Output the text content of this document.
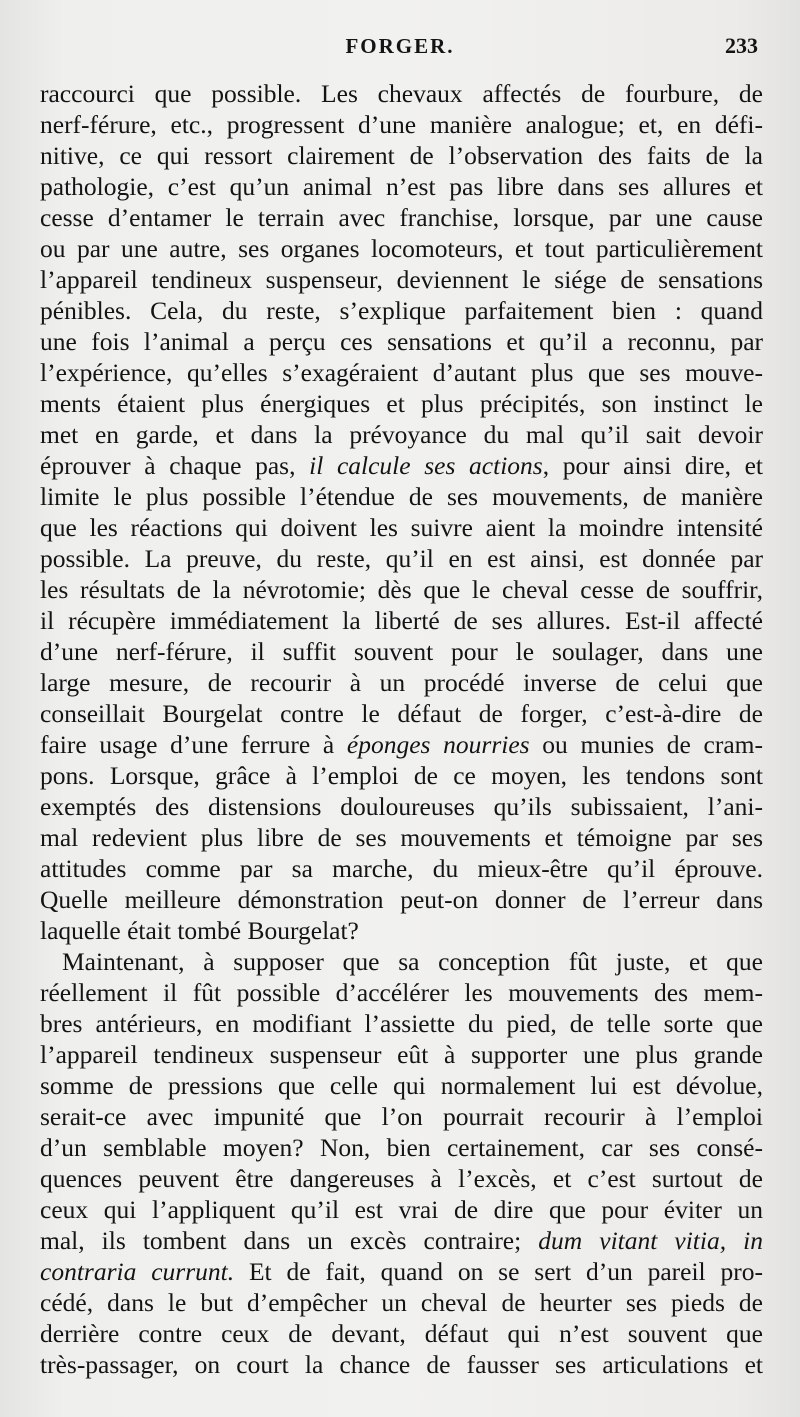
FORGER.	233
raccourci que possible. Les chevaux affectés de fourbure, de
nerf-férure, etc., progressent d’une manière analogue; et, en défi-
nitive, ce qui ressort clairement de l’observation des faits de la
pathologie, c’est qu’un animal n’est pas libre dans ses allures et
cesse d’entamer le terrain avec franchise, lorsque, par une cause
ou par une autre, ses organes locomoteurs, et tout particulièrement
l’appareil tendineux suspenseur, deviennent le siége de sensations
pénibles. Cela, du reste, s’explique parfaitement bien : quand
une fois l’animal a perçu ces sensations et qu’il a reconnu, par
l’expérience, qu’elles s’exagéraient d’autant plus que ses mouve-
ments étaient plus énergiques et plus précipités, son instinct le
met en garde, et dans la prévoyance du mal qu’il sait devoir
éprouver à chaque pas, il calcule ses actions, pour ainsi dire, et
limite le plus possible l’étendue de ses mouvements, de manière
que les réactions qui doivent les suivre aient la moindre intensité
possible. La preuve, du reste, qu’il en est ainsi, est donnée par
les résultats de la névrotomie; dès que le cheval cesse de souffrir,
il récupère immédiatement la liberté de ses allures. Est-il affecté
d’une nerf-férure, il suffit souvent pour le soulager, dans une
large mesure, de recourir à un procédé inverse de celui que
conseillait Bourgelat contre le défaut de forger, c’est-à-dire de
faire usage d’une ferrure à éponges nourries ou munies de cram-
pons. Lorsque, grâce à l’emploi de ce moyen, les tendons sont
exemptés des distensions douloureuses qu’ils subissaient, l’ani-
mal redevient plus libre de ses mouvements et témoigne par ses
attitudes comme par sa marche, du mieux-être qu’il éprouve.
Quelle meilleure démonstration peut-on donner de l’erreur dans
laquelle était tombé Bourgelat?
Maintenant, à supposer que sa conception fût juste, et que
réellement il fût possible d’accélérer les mouvements des mem-
bres antérieurs, en modifiant l’assiette du pied, de telle sorte que
l’appareil tendineux suspenseur eût à supporter une plus grande
somme de pressions que celle qui normalement lui est dévolue,
serait-ce avec impunité que l’on pourrait recourir à l’emploi
d’un semblable moyen? Non, bien certainement, car ses consé-
quences peuvent être dangereuses à l’excès, et c’est surtout de
ceux qui l’appliquent qu’il est vrai de dire que pour éviter un
mal, ils tombent dans un excès contraire; dum vitant vitia, in
contraria currunt. Et de fait, quand on se sert d’un pareil pro-
cédé, dans le but d’empêcher un cheval de heurter ses pieds de
derrière contre ceux de devant, défaut qui n’est souvent que
très-passager, on court la chance de fausser ses articulations et
